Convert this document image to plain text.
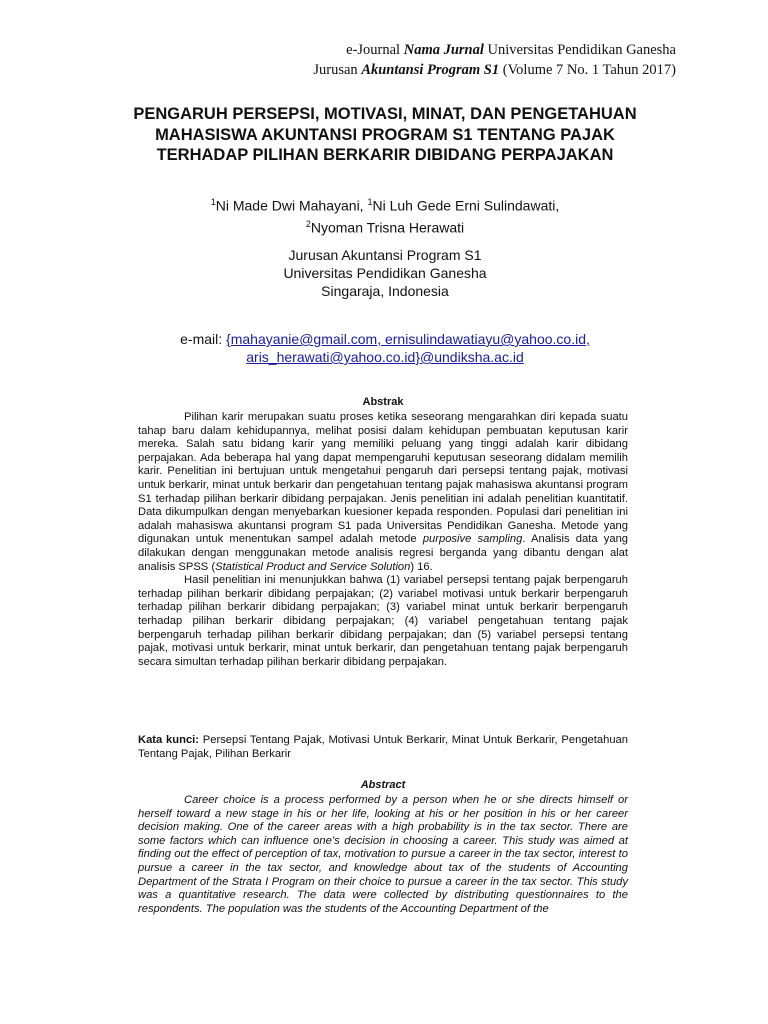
e-Journal Nama Jurnal Universitas Pendidikan Ganesha
Jurusan Akuntansi Program S1 (Volume 7 No. 1 Tahun 2017)
PENGARUH PERSEPSI, MOTIVASI, MINAT, DAN PENGETAHUAN
MAHASISWA AKUNTANSI PROGRAM S1 TENTANG PAJAK
TERHADAP PILIHAN BERKARIR DIBIDANG PERPAJAKAN
$^1$Ni Made Dwi Mahayani, $^1$Ni Luh Gede Erni Sulindawati,
$^2$Nyoman Trisna Herawati
Jurusan Akuntansi Program S1
Universitas Pendidikan Ganesha
Singaraja, Indonesia
e-mail: {mahayanie@gmail.com, ernisulindawatiayu@yahoo.co.id,
aris_herawati@yahoo.co.id}@undiksha.ac.id
Abstrak

Pilihan karir merupakan suatu proses ketika seseorang mengarahkan diri kepada suatu tahap baru dalam kehidupannya, melihat posisi dalam kehidupan pembuatan keputusan karir mereka. Salah satu bidang karir yang memiliki peluang yang tinggi adalah karir dibidang perpajakan. Ada beberapa hal yang dapat mempengaruhi keputusan seseorang didalam memilih karir. Penelitian ini bertujuan untuk mengetahui pengaruh dari persepsi tentang pajak, motivasi untuk berkarir, minat untuk berkarir dan pengetahuan tentang pajak mahasiswa akuntansi program S1 terhadap pilihan berkarir dibidang perpajakan. Jenis penelitian ini adalah penelitian kuantitatif. Data dikumpulkan dengan menyebarkan kuesioner kepada responden. Populasi dari penelitian ini adalah mahasiswa akuntansi program S1 pada Universitas Pendidikan Ganesha. Metode yang digunakan untuk menentukan sampel adalah metode purposive sampling. Analisis data yang dilakukan dengan menggunakan metode analisis regresi berganda yang dibantu dengan alat analisis SPSS (Statistical Product and Service Solution) 16.

Hasil penelitian ini menunjukkan bahwa (1) variabel persepsi tentang pajak berpengaruh terhadap pilihan berkarir dibidang perpajakan; (2) variabel motivasi untuk berkarir berpengaruh terhadap pilihan berkarir dibidang perpajakan; (3) variabel minat untuk berkarir berpengaruh terhadap pilihan berkarir dibidang perpajakan; (4) variabel pengetahuan tentang pajak berpengaruh terhadap pilihan berkarir dibidang perpajakan; dan (5) variabel persepsi tentang pajak, motivasi untuk berkarir, minat untuk berkarir, dan pengetahuan tentang pajak berpengaruh secara simultan terhadap pilihan berkarir dibidang perpajakan.

Kata kunci: Persepsi Tentang Pajak, Motivasi Untuk Berkarir, Minat Untuk Berkarir, Pengetahuan Tentang Pajak, Pilihan Berkarir

Abstract

Career choice is a process performed by a person when he or she directs himself or herself toward a new stage in his or her life, looking at his or her position in his or her career decision making. One of the career areas with a high probability is in the tax sector. There are some factors which can influence one’s decision in choosing a career. This study was aimed at finding out the effect of perception of tax, motivation to pursue a career in the tax sector, interest to pursue a career in the tax sector, and knowledge about tax of the students of Accounting Department of the Strata I Program on their choice to pursue a career in the tax sector. This study was a quantitative research. The data were collected by distributing questionnaires to the respondents. The population was the students of the Accounting Department of the
